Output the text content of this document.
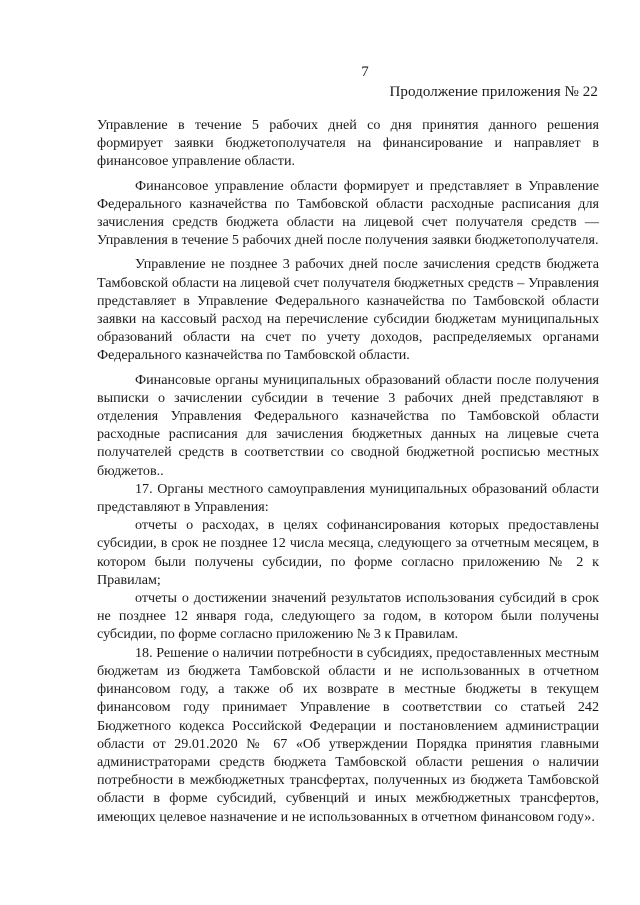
7
Продолжение приложения № 22

Управление в течение 5 рабочих дней со дня принятия данного решения формирует заявки бюджетополучателя на финансирование и направляет в финансовое управление области.

Финансовое управление области формирует и представляет в Управление Федерального казначейства по Тамбовской области расходные расписания для зачисления средств бюджета области на лицевой счет получателя средств — Управления в течение 5 рабочих дней после получения заявки бюджетополучателя.

Управление не позднее 3 рабочих дней после зачисления средств бюджета Тамбовской области на лицевой счет получателя бюджетных средств – Управления представляет в Управление Федерального казначейства по Тамбовской области заявки на кассовый расход на перечисление субсидии бюджетам муниципальных образований области на счет по учету доходов, распределяемых органами Федерального казначейства по Тамбовской области.

Финансовые органы муниципальных образований области после получения выписки о зачислении субсидии в течение 3 рабочих дней представляют в отделения Управления Федерального казначейства по Тамбовской области расходные расписания для зачисления бюджетных данных на лицевые счета получателей средств в соответствии со сводной бюджетной росписью местных бюджетов..

17. Органы местного самоуправления муниципальных образований области представляют в Управления:

отчеты о расходах, в целях софинансирования которых предоставлены субсидии, в срок не позднее 12 числа месяца, следующего за отчетным месяцем, в котором были получены субсидии, по форме согласно приложению № 2 к Правилам;

отчеты о достижении значений результатов использования субсидий в срок не позднее 12 января года, следующего за годом, в котором были получены субсидии, по форме согласно приложению № 3 к Правилам.

18. Решение о наличии потребности в субсидиях, предоставленных местным бюджетам из бюджета Тамбовской области и не использованных в отчетном финансовом году, а также об их возврате в местные бюджеты в текущем финансовом году принимает Управление в соответствии со статьей 242 Бюджетного кодекса Российской Федерации и постановлением администрации области от 29.01.2020 № 67 «Об утверждении Порядка принятия главными администраторами средств бюджета Тамбовской области решения о наличии потребности в межбюджетных трансфертах, полученных из бюджета Тамбовской области в форме субсидий, субвенций и иных межбюджетных трансфертов, имеющих целевое назначение и не использованных в отчетном финансовом году».
